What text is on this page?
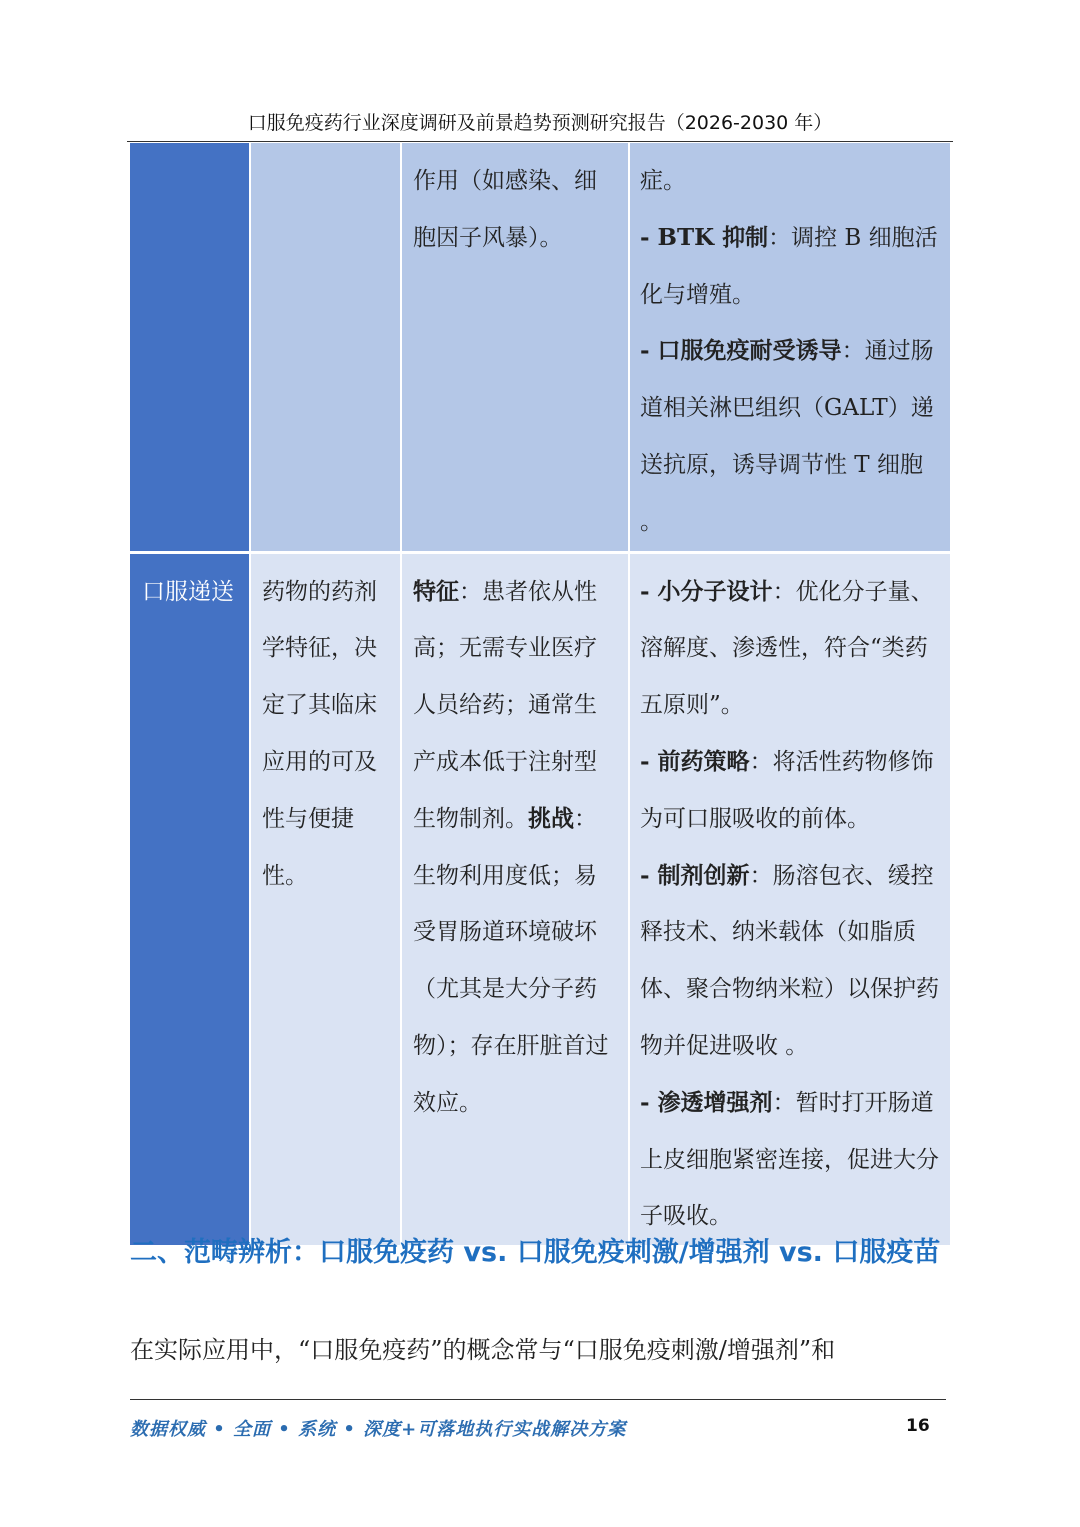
口服免疫药行业深度调研及前景趋势预测研究报告（2026-2030 年）
		作用（如感染、细胞因子风暴）。	症。
- BTK 抑制：调控 B 细胞活化与增殖。
- 口服免疫耐受诱导：通过肠道相关淋巴组织（GALT）递送抗原，诱导调节性 T 细胞 。

口服递送	药物的药剂学特征，决定了其临床应用的可及性与便捷性。	特征：患者依从性高；无需专业医疗人员给药；通常生产成本低于注射型生物制剂。挑战：生物利用度低；易受胃肠道环境破坏（尤其是大分子药物）；存在肝脏首过效应。	- 小分子设计：优化分子量、溶解度、渗透性，符合“类药五原则”。
- 前药策略：将活性药物修饰为可口服吸收的前体。
- 制剂创新：肠溶包衣、缓控释技术、纳米载体（如脂质体、聚合物纳米粒）以保护药物并促进吸收 。
- 渗透增强剂：暂时打开肠道上皮细胞紧密连接，促进大分子吸收。
二、范畴辨析：口服免疫药 vs. 口服免疫刺激/增强剂 vs. 口服疫苗
在实际应用中，“口服免疫药”的概念常与“口服免疫刺激/增强剂”和
数据权威 • 全面 • 系统 • 深度+可落地执行实战解决方案	16
